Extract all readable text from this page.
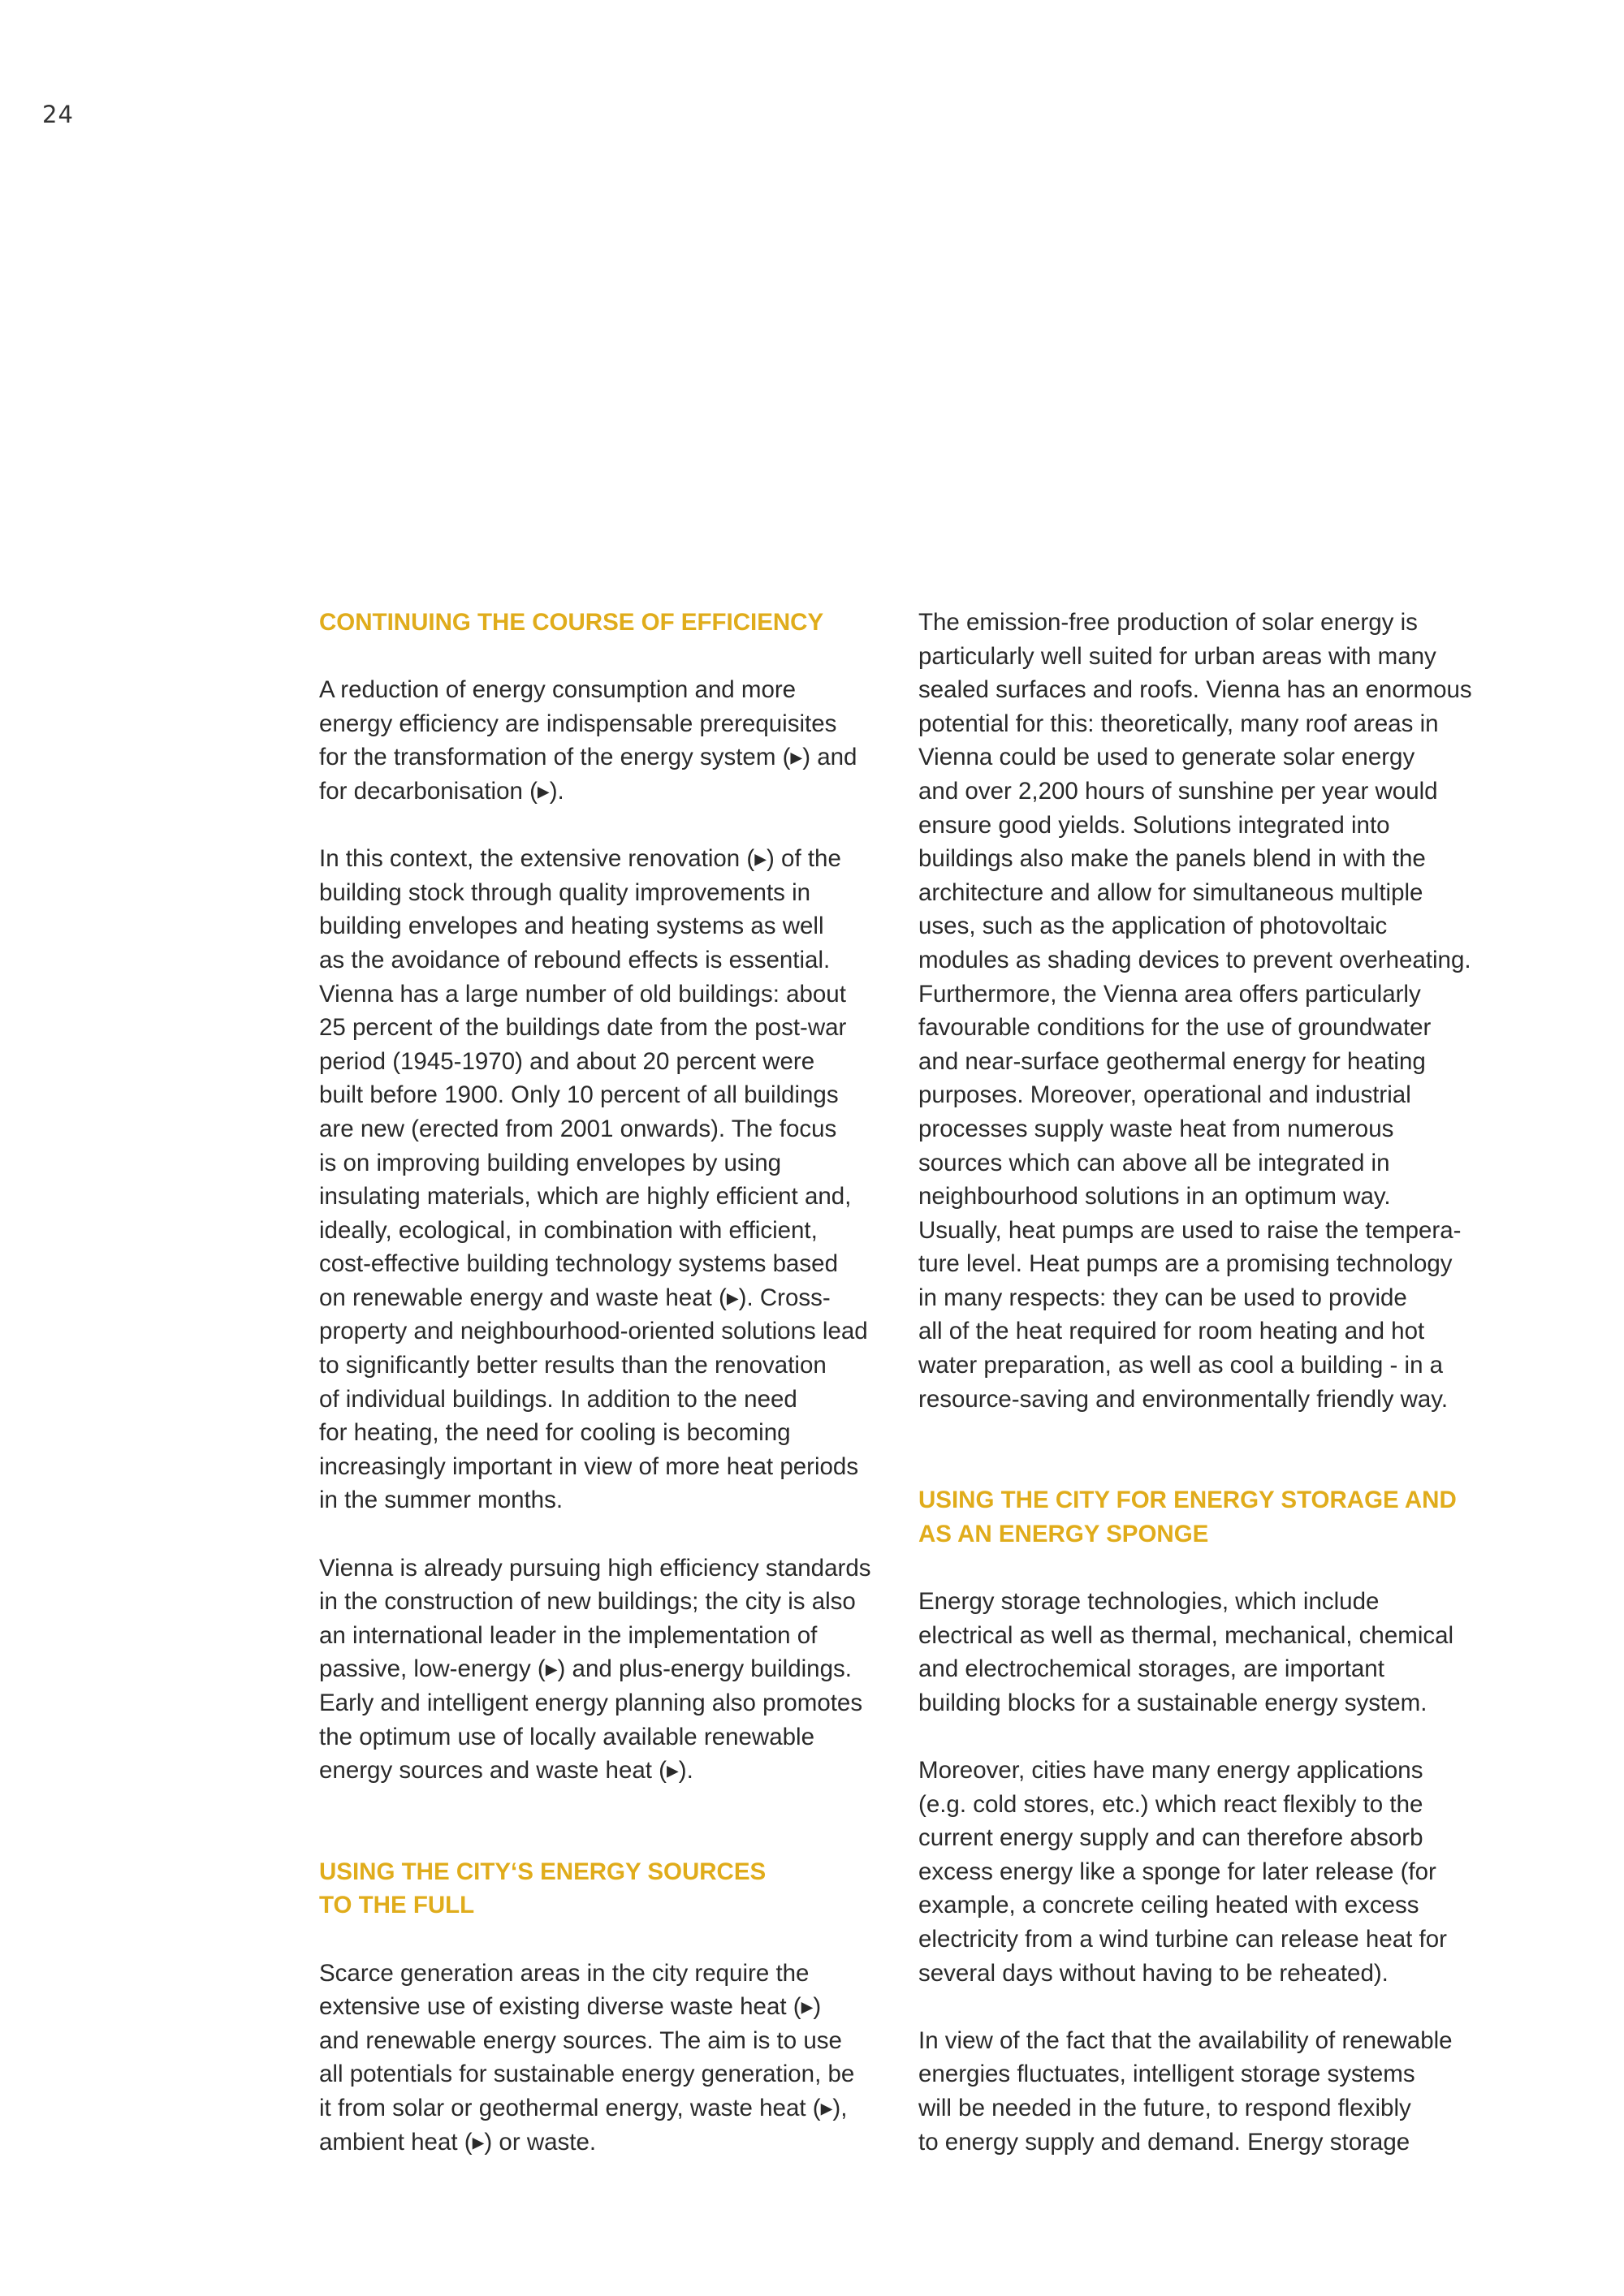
24
CONTINUING THE COURSE OF EFFICIENCY
A reduction of energy consumption and more
energy efficiency are indispensable prerequisites
for the transformation of the energy system (▸) and
for decarbonisation (▸).
In this context, the extensive renovation (▸) of the
building stock through quality improvements in
building envelopes and heating systems as well
as the avoidance of rebound effects is essential.
Vienna has a large number of old buildings: about
25 percent of the buildings date from the post-war
period (1945-1970) and about 20 percent were
built before 1900. Only 10 percent of all buildings
are new (erected from 2001 onwards). The focus
is on improving building envelopes by using
insulating materials, which are highly efficient and,
ideally, ecological, in combination with efficient,
cost-effective building technology systems based
on renewable energy and waste heat (▸). Cross-
property and neighbourhood-oriented solutions lead
to significantly better results than the renovation
of individual buildings. In addition to the need
for heating, the need for cooling is becoming
increasingly important in view of more heat periods
in the summer months.
Vienna is already pursuing high efficiency standards
in the construction of new buildings; the city is also
an international leader in the implementation of
passive, low-energy (▸) and plus-energy buildings.
Early and intelligent energy planning also promotes
the optimum use of locally available renewable
energy sources and waste heat (▸).
USING THE CITY‘S ENERGY SOURCES
TO THE FULL
Scarce generation areas in the city require the
extensive use of existing diverse waste heat (▸)
and renewable energy sources. The aim is to use
all potentials for sustainable energy generation, be
it from solar or geothermal energy, waste heat (▸),
ambient heat (▸) or waste.
The emission-free production of solar energy is
particularly well suited for urban areas with many
sealed surfaces and roofs. Vienna has an enormous
potential for this: theoretically, many roof areas in
Vienna could be used to generate solar energy
and over 2,200 hours of sunshine per year would
ensure good yields. Solutions integrated into
buildings also make the panels blend in with the
architecture and allow for simultaneous multiple
uses, such as the application of photovoltaic
modules as shading devices to prevent overheating.
Furthermore, the Vienna area offers particularly
favourable conditions for the use of groundwater
and near-surface geothermal energy for heating
purposes. Moreover, operational and industrial
processes supply waste heat from numerous
sources which can above all be integrated in
neighbourhood solutions in an optimum way.
Usually, heat pumps are used to raise the tempera-
ture level. Heat pumps are a promising technology
in many respects: they can be used to provide
all of the heat required for room heating and hot
water preparation, as well as cool a building - in a
resource-saving and environmentally friendly way.
USING THE CITY FOR ENERGY STORAGE AND
AS AN ENERGY SPONGE
Energy storage technologies, which include
electrical as well as thermal, mechanical, chemical
and electrochemical storages, are important
building blocks for a sustainable energy system.
Moreover, cities have many energy applications
(e.g. cold stores, etc.) which react flexibly to the
current energy supply and can therefore absorb
excess energy like a sponge for later release (for
example, a concrete ceiling heated with excess
electricity from a wind turbine can release heat for
several days without having to be reheated).
In view of the fact that the availability of renewable
energies fluctuates, intelligent storage systems
will be needed in the future, to respond flexibly
to energy supply and demand. Energy storage
